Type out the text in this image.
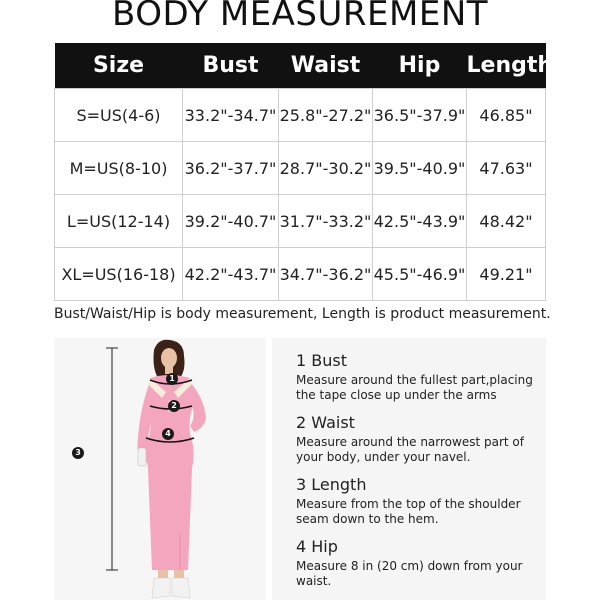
BODY MEASUREMENT
Size	Bust	Waist	Hip	Length
S=US(4-6)	33.2"-34.7"	25.8"-27.2"	36.5"-37.9"	46.85"
M=US(8-10)	36.2"-37.7"	28.7"-30.2"	39.5"-40.9"	47.63"
L=US(12-14)	39.2"-40.7"	31.7"-33.2"	42.5"-43.9"	48.42"
XL=US(16-18)	42.2"-43.7"	34.7"-36.2"	45.5"-46.9"	49.21"
Bust/Waist/Hip is body measurement, Length is product measurement.
1
2
3
4
1 Bust
Measure around the fullest part,placing
the tape close up under the arms
2 Waist
Measure around the narrowest part of
your body, under your navel.
3 Length
Measure from the top of the shoulder
seam down to the hem.
4 Hip
Measure 8 in (20 cm) down from your
waist.
